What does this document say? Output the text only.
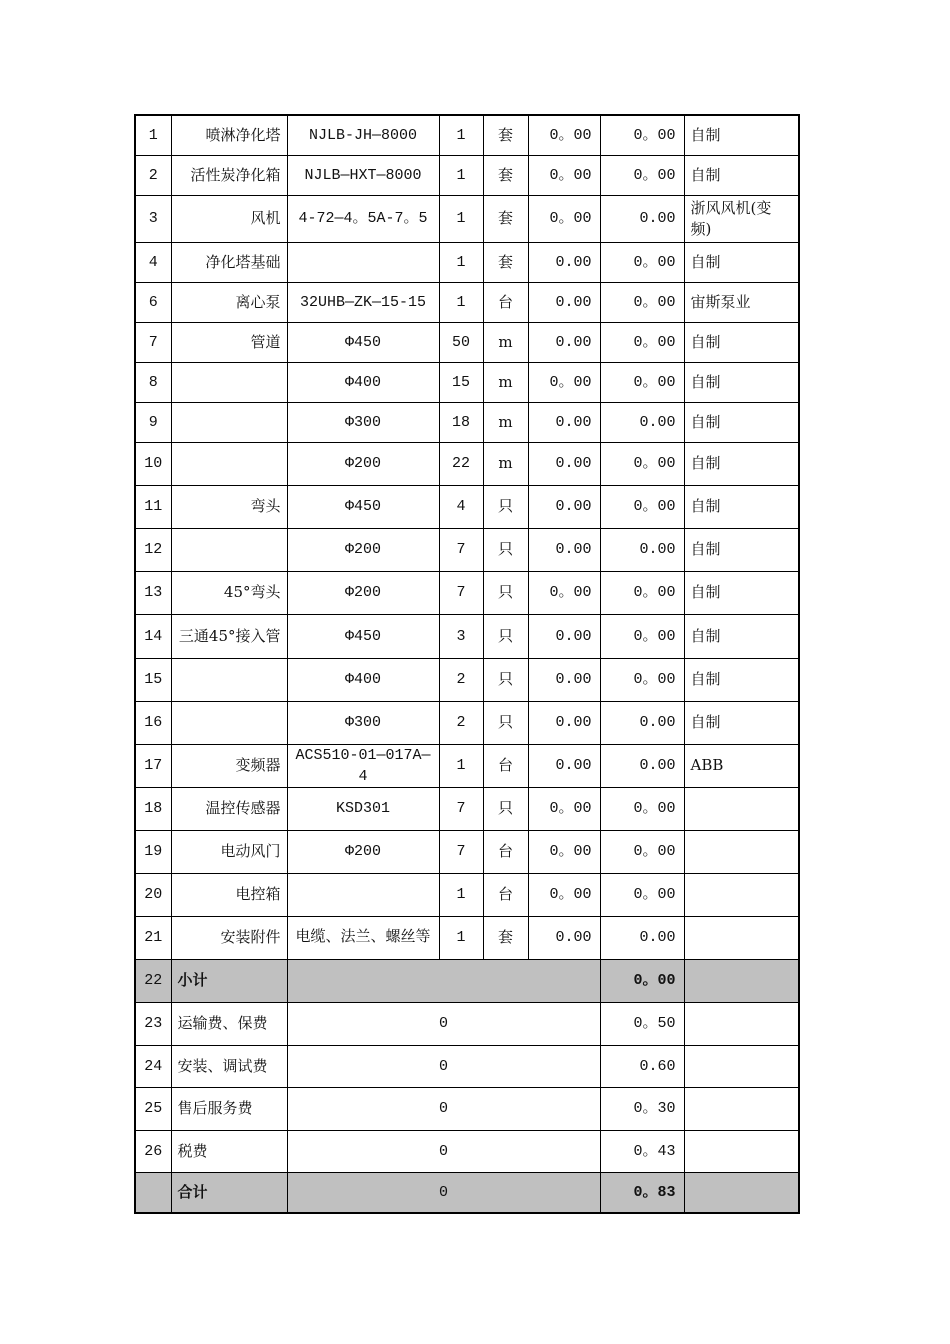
1	喷淋净化塔	NJLB-JH—8000	1	套	0。00	0。00	自制
2	活性炭净化箱	NJLB—HXT—8000	1	套	0。00	0。00	自制
3	风机	4-72—4。5A-7。5	1	套	0。00	0.00	浙风风机(变频)
4	净化塔基础		1	套	0.00	0。00	自制
6	离心泵	32UHB—ZK—15-15	1	台	0.00	0。00	宙斯泵业
7	管道	Φ450	50	m	0.00	0。00	自制
8		Φ400	15	m	0。00	0。00	自制
9		Φ300	18	m	0.00	0.00	自制
10		Φ200	22	m	0.00	0。00	自制
11	弯头	Φ450	4	只	0.00	0。00	自制
12		Φ200	7	只	0.00	0.00	自制
13	45°弯头	Φ200	7	只	0。00	0。00	自制
14	三通45°接入管	Φ450	3	只	0.00	0。00	自制
15		Φ400	2	只	0.00	0。00	自制
16		Φ300	2	只	0.00	0.00	自制
17	变频器	ACS510-01—017A—4	1	台	0.00	0.00	ABB
18	温控传感器	KSD301	7	只	0。00	0。00	
19	电动风门	Φ200	7	台	0。00	0。00	
20	电控箱		1	台	0。00	0。00	
21	安装附件	电缆、法兰、螺丝等	1	套	0.00	0.00	
22	小计					0。00	
23	运输费、保费	0				0。50	
24	安装、调试费	0				0.60	
25	售后服务费	0				0。30	
26	税费	0				0。43	
	合计	0				0。83	
